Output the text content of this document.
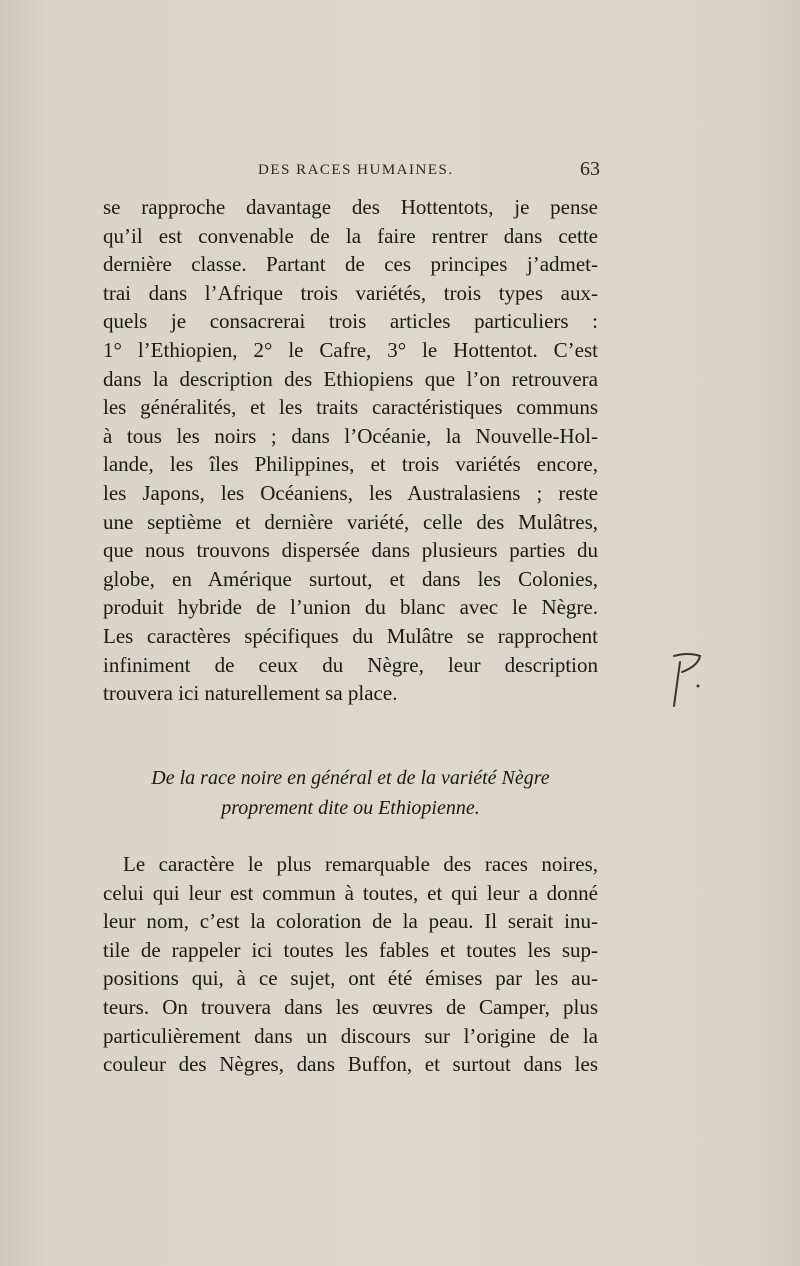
DES RACES HUMAINES.	63
se rapproche davantage des Hottentots, je pense
qu’il est convenable de la faire rentrer dans cette
dernière classe. Partant de ces principes j’admet-
trai dans l’Afrique trois variétés, trois types aux-
quels je consacrerai trois articles particuliers :
1° l’Ethiopien, 2° le Cafre, 3° le Hottentot. C’est
dans la description des Ethiopiens que l’on retrouvera
les généralités, et les traits caractéristiques communs
à tous les noirs ; dans l’Océanie, la Nouvelle-Hol-
lande, les îles Philippines, et trois variétés encore,
les Japons, les Océaniens, les Australasiens ; reste
une septième et dernière variété, celle des Mulâtres,
que nous trouvons dispersée dans plusieurs parties du
globe, en Amérique surtout, et dans les Colonies,
produit hybride de l’union du blanc avec le Nègre.
Les caractères spécifiques du Mulâtre se rapprochent
infiniment de ceux du Nègre, leur description
trouvera ici naturellement sa place.
De la race noire en général et de la variété Nègre
proprement dite ou Ethiopienne.
Le caractère le plus remarquable des races noires,
celui qui leur est commun à toutes, et qui leur a donné
leur nom, c’est la coloration de la peau. Il serait inu-
tile de rappeler ici toutes les fables et toutes les sup-
positions qui, à ce sujet, ont été émises par les au-
teurs. On trouvera dans les œuvres de Camper, plus
particulièrement dans un discours sur l’origine de la
couleur des Nègres, dans Buffon, et surtout dans les
